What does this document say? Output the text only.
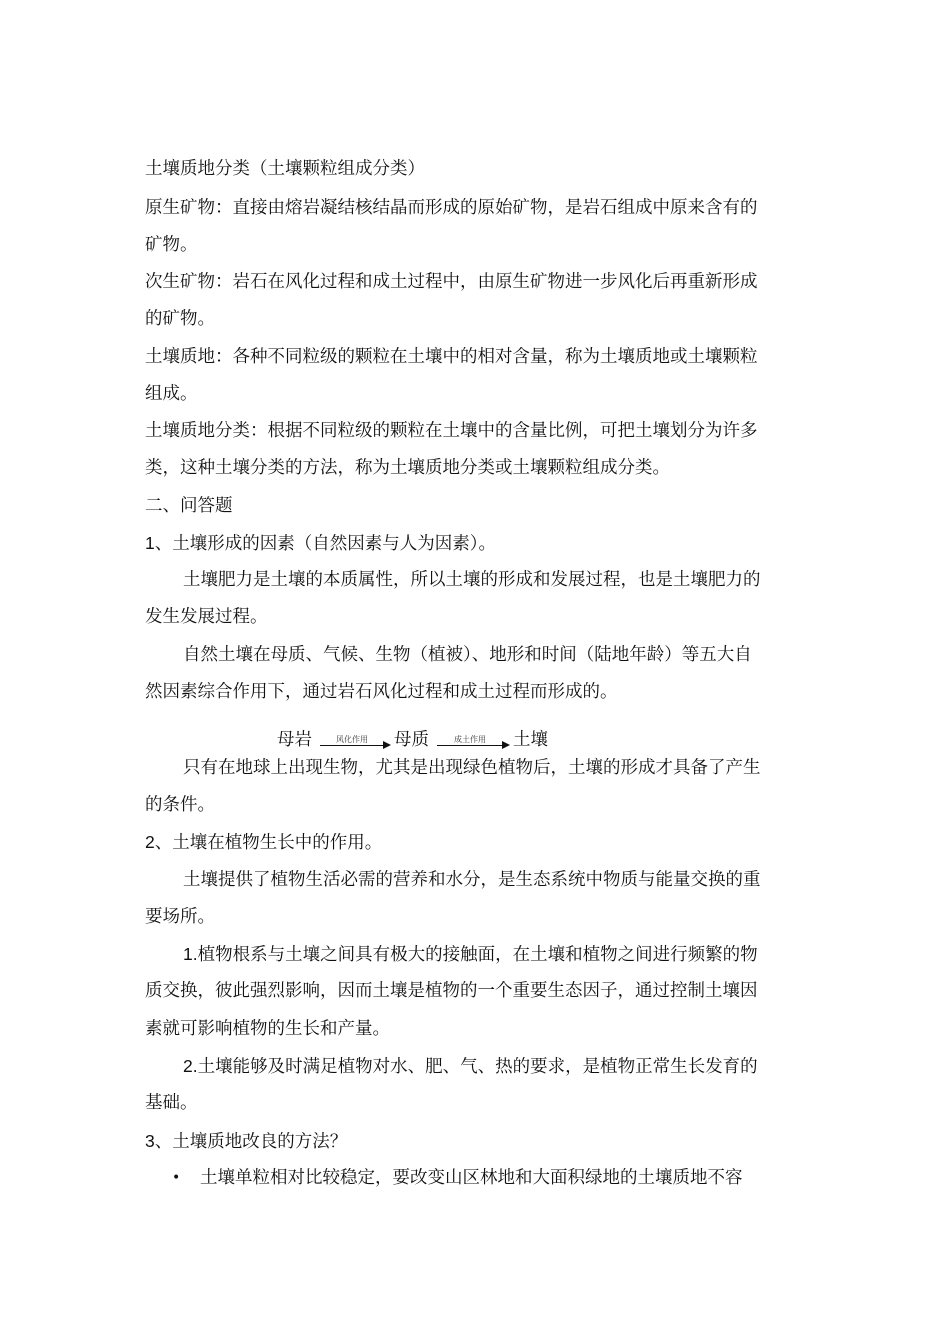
土壤质地分类（土壤颗粒组成分类）
原生矿物：直接由熔岩凝结核结晶而形成的原始矿物，是岩石组成中原来含有的
矿物。
次生矿物：岩石在风化过程和成土过程中，由原生矿物进一步风化后再重新形成
的矿物。
土壤质地：各种不同粒级的颗粒在土壤中的相对含量，称为土壤质地或土壤颗粒
组成。
土壤质地分类：根据不同粒级的颗粒在土壤中的含量比例，可把土壤划分为许多
类，这种土壤分类的方法，称为土壤质地分类或土壤颗粒组成分类。
二、问答题
1、土壤形成的因素（自然因素与人为因素）。
土壤肥力是土壤的本质属性，所以土壤的形成和发展过程，也是土壤肥力的
发生发展过程。
自然土壤在母质、气候、生物（植被）、地形和时间（陆地年龄）等五大自
然因素综合作用下，通过岩石风化过程和成土过程而形成的。
母岩	风化作用 母质	成土作用 土壤
只有在地球上出现生物，尤其是出现绿色植物后，土壤的形成才具备了产生
的条件。
2、土壤在植物生长中的作用。
土壤提供了植物生活必需的营养和水分，是生态系统中物质与能量交换的重
要场所。
1.植物根系与土壤之间具有极大的接触面，在土壤和植物之间进行频繁的物
质交换，彼此强烈影响，因而土壤是植物的一个重要生态因子，通过控制土壤因
素就可影响植物的生长和产量。
2.土壤能够及时满足植物对水、肥、气、热的要求，是植物正常生长发育的
基础。
3、土壤质地改良的方法？
• 土壤单粒相对比较稳定，要改变山区林地和大面积绿地的土壤质地不容
